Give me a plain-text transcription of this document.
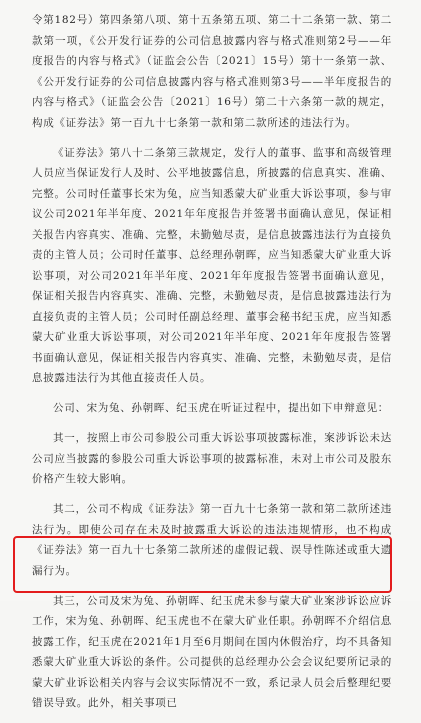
令第182号）第四条第八项、第十五条第五项、第二十二条第一款、第二款第一项，《公开发行证券的公司信息披露内容与格式准则第2号——年度报告的内容与格式》（证监会公告〔2021〕15号）第十一条第一款、《公开发行证券的公司信息披露内容与格式准则第3号——半年度报告的内容与格式》（证监会公告〔2021〕16号）第二十六条第一款的规定，构成《证券法》第一百九十七条第一款和第二款所述的违法行为。

《证券法》第八十二条第三款规定，发行人的董事、监事和高级管理人员应当保证发行人及时、公平地披露信息，所披露的信息真实、准确、完整。公司时任董事长宋为兔，应当知悉蒙大矿业重大诉讼事项，参与审议公司2021年半年度、2021年年度报告并签署书面确认意见，保证相关报告内容真实、准确、完整，未勤勉尽责，是信息披露违法行为直接负责的主管人员；公司时任董事、总经理孙朝晖，应当知悉蒙大矿业重大诉讼事项，对公司2021年半年度、2021年年度报告签署书面确认意见，保证相关报告内容真实、准确、完整，未勤勉尽责，是信息披露违法行为直接负责的主管人员；公司时任副总经理、董事会秘书纪玉虎，应当知悉蒙大矿业重大诉讼事项，对公司2021年半年度、2021年年度报告签署书面确认意见，保证相关报告内容真实、准确、完整，未勤勉尽责，是信息披露违法行为其他直接责任人员。

公司、宋为兔、孙朝晖、纪玉虎在听证过程中，提出如下申辩意见：

其一，按照上市公司参股公司重大诉讼事项披露标准，案涉诉讼未达公司应当披露的参股公司重大诉讼事项的披露标准，未对上市公司及股东价格产生较大影响。

其二，公司不构成《证券法》第一百九十七条第一款和第二款所述违法行为。即使公司存在未及时披露重大诉讼的违法违规情形，也不构成《证券法》第一百九十七条第二款所述的虚假记载、误导性陈述或重大遗漏行为。

其三，公司及宋为兔、孙朝晖、纪玉虎未参与蒙大矿业案涉诉讼应诉工作，宋为兔、孙朝晖、纪玉虎也不在蒙大矿业任职。孙朝晖不介绍信息披露工作，纪玉虎在2021年1月至6月期间在国内休假治疗，均不具备知悉蒙大矿业重大诉讼的条件。公司提供的总经理办公会会议纪要所记录的蒙大矿业诉讼相关内容与会议实际情况不一致，系记录人员会后整理纪要错误导致。此外，相关事项已
